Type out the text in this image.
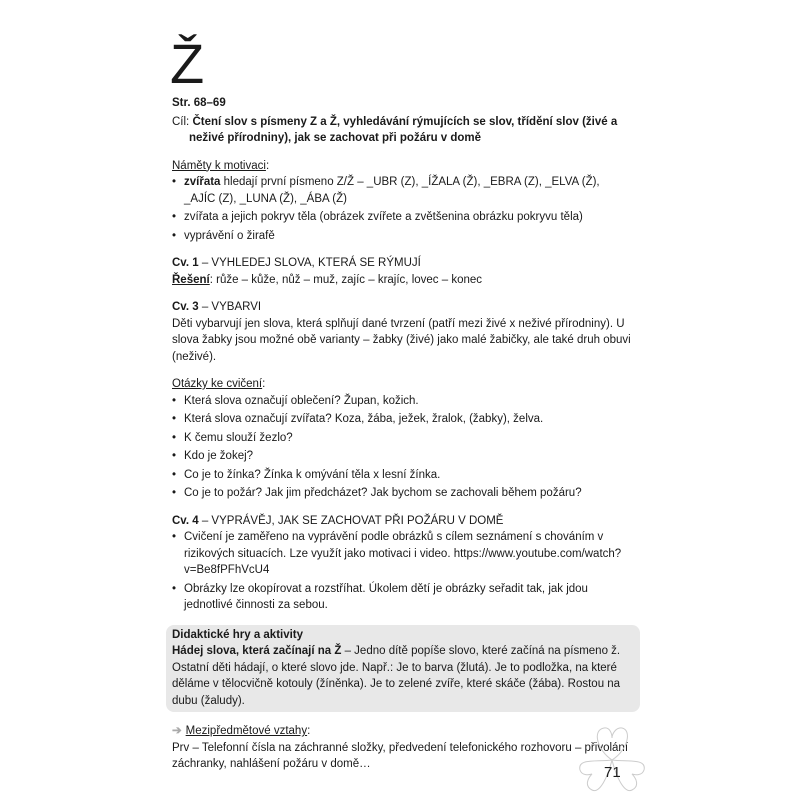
Ž
Str. 68–69
Cíl: Čtení slov s písmeny Z a Ž, vyhledávání rýmujících se slov, třídění slov (živé a neživé přírodniny), jak se zachovat při požáru v domě
Náměty k motivaci:
• zvířata hledají první písmeno Z/Ž – _UBR (Z), _ÍŽALA (Ž), _EBRA (Z), _ELVA (Ž), _AJÍC (Z), _LUNA (Ž), _ÁBA (Ž)
• zvířata a jejich pokryv těla (obrázek zvířete a zvětšenina obrázku pokryvu těla)
• vyprávění o žirafě
Cv. 1 – VYHLEDEJ SLOVA, KTERÁ SE RÝMUJÍ
Řešení: růže – kůže, nůž – muž, zajíc – krajíc, lovec – konec
Cv. 3 – VYBARVI
Děti vybarvují jen slova, která splňují dané tvrzení (patří mezi živé x neživé přírodniny). U slova žabky jsou možné obě varianty – žabky (živé) jako malé žabičky, ale také druh obuvi (neživé).
Otázky ke cvičení:
• Která slova označují oblečení? Župan, kožich.
• Která slova označují zvířata? Koza, žába, ježek, žralok, (žabky), želva.
• K čemu slouží žezlo?
• Kdo je žokej?
• Co je to žínka? Žínka k omývání těla x lesní žínka.
• Co je to požár? Jak jim předcházet? Jak bychom se zachovali během požáru?
Cv. 4 – VYPRÁVĚJ, JAK SE ZACHOVAT PŘI POŽÁRU V DOMĚ
• Cvičení je zaměřeno na vyprávění podle obrázků s cílem seznámení s chováním v rizikových situacích. Lze využít jako motivaci i video. https://www.youtube.com/watch?v=Be8fPFhVcU4
• Obrázky lze okopírovat a rozstříhat. Úkolem dětí je obrázky seřadit tak, jak jdou jednotlivé činnosti za sebou.
Didaktické hry a aktivity
Hádej slova, která začínají na Ž – Jedno dítě popíše slovo, které začíná na písmeno ž. Ostatní děti hádají, o které slovo jde. Např.: Je to barva (žlutá). Je to podložka, na které děláme v tělocvičně kotouly (žíněnka). Je to zelené zvíře, které skáče (žába). Rostou na dubu (žaludy).
➔ Mezipředmětové vztahy:
Prv – Telefonní čísla na záchranné složky, předvedení telefonického rozhovoru – přivolání záchranky, nahlášení požáru v domě…	71
